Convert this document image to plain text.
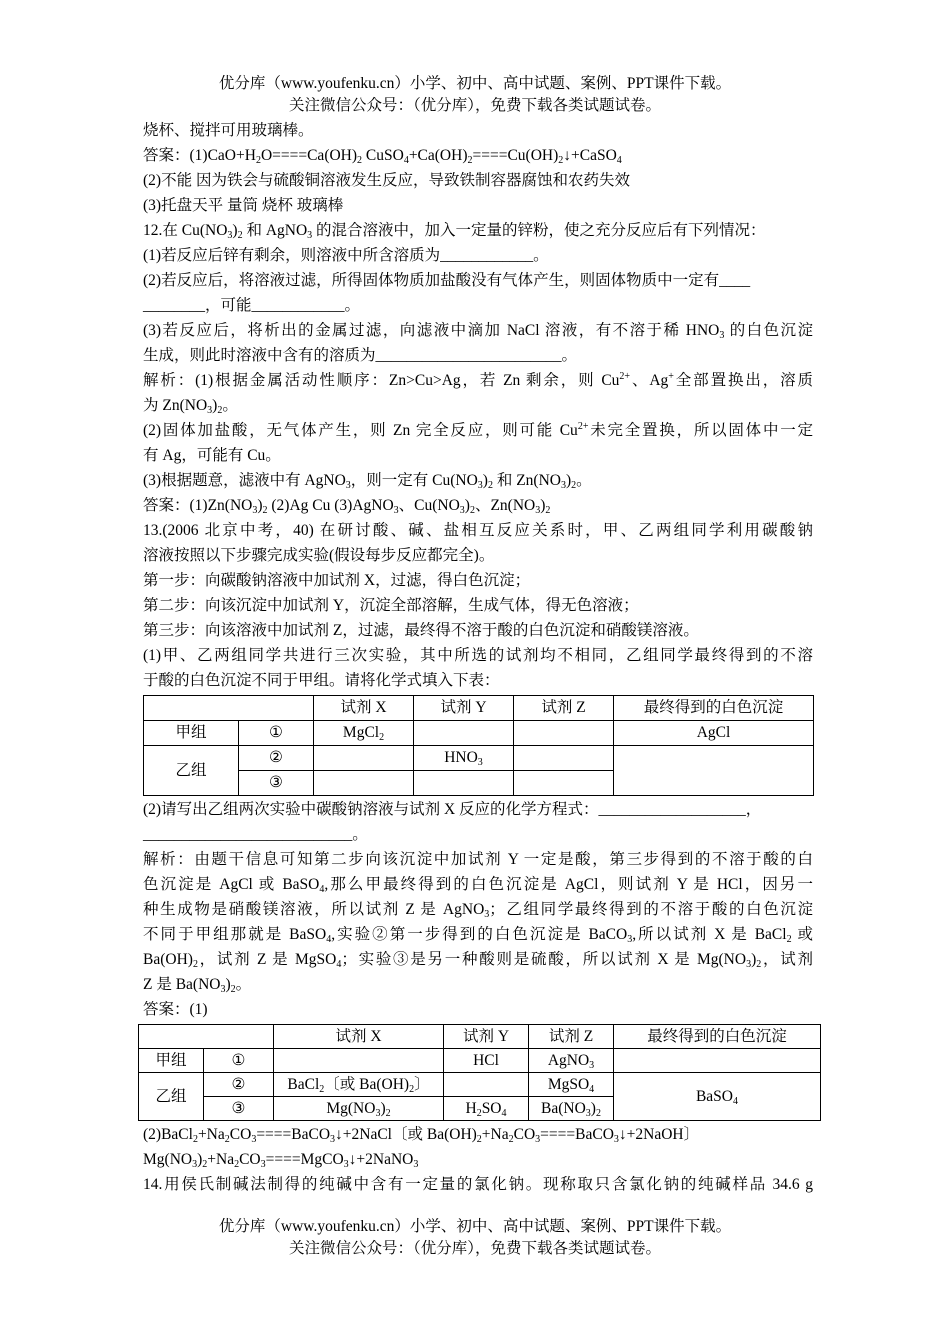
优分库（www.youfenku.cn）小学、初中、高中试题、案例、PPT课件下载。
关注微信公众号：（优分库），免费下载各类试题试卷。
烧杯、搅拌可用玻璃棒。
答案：$(1)CaO+H_2O====Ca(OH)_2$ $CuSO_4+Ca(OH)_2====Cu(OH)_2↓+CaSO_4$
(2)不能 因为铁会与硫酸铜溶液发生反应，导致铁制容器腐蚀和农药失效
(3)托盘天平 量筒 烧杯 玻璃棒
12.在 $Cu(NO_3)_2$ 和 AgNO$_3$ 的混合溶液中，加入一定量的锌粉，使之充分反应后有下列情况：
(1)若反应后锌有剩余，则溶液中所含溶质为____________。
(2)若反应后，将溶液过滤，所得固体物质加盐酸没有气体产生，则固体物质中一定有____
________，可能____________。
(3)若反应后，将析出的金属过滤，向滤液中滴加 NaCl 溶液，有不溶于稀 $HNO_3$ 的白色沉淀
生成，则此时溶液中含有的溶质为________________________。
解析：(1)根据金属活动性顺序：Zn>Cu>Ag，若 Zn 剩余，则 $Cu^{2+}$、Ag+全部置换出，溶质
为 $Zn(NO_3)_2$。
(2)固体加盐酸，无气体产生，则 Zn 完全反应，则可能 $Cu^{2+}$未完全置换，所以固体中一定
有 Ag，可能有 Cu。
(3)根据题意，滤液中有 AgNO$_3$，则一定有 $Cu(NO_3)_2$ 和 $Zn(NO_3)_2$。
答案：$(1)Zn(NO_3)_2$ (2)Ag Cu (3)AgNO$_3$、$Cu(NO_3)_2$、$Zn(NO_3)_2$
13.(2006 北京中考，40) 在研讨酸、碱、盐相互反应关系时，甲、乙两组同学利用碳酸钠
溶液按照以下步骤完成实验(假设每步反应都完全)。
第一步：向碳酸钠溶液中加试剂 X，过滤，得白色沉淀；
第二步：向该沉淀中加试剂 Y，沉淀全部溶解，生成气体，得无色溶液；
第三步：向该溶液中加试剂 Z，过滤，最终得不溶于酸的白色沉淀和硝酸镁溶液。
(1)甲、乙两组同学共进行三次实验，其中所选的试剂均不相同，乙组同学最终得到的不溶
于酸的白色沉淀不同于甲组。请将化学式填入下表：
		试剂 X	试剂 Y	试剂 Z	最终得到的白色沉淀
甲组	①	MgCl$_2$			AgCl
乙组	②		$HNO_3$		
	③				
(2)请写出乙组两次实验中碳酸钠溶液与试剂 X 反应的化学方程式：___________________，
___________________________。
解析：由题干信息可知第二步向该沉淀中加试剂 Y 一定是酸，第三步得到的不溶于酸的白
色沉淀是 AgCl 或 BaSO$_4$,那么甲最终得到的白色沉淀是 AgCl，则试剂 Y 是 HCl，因另一
种生成物是硝酸镁溶液，所以试剂 Z 是 AgNO$_3$；乙组同学最终得到的不溶于酸的白色沉淀
不同于甲组那就是 BaSO$_4$,实验②第一步得到的白色沉淀是 BaCO$_3$,所以试剂 X 是 BaCl$_2$ 或
$Ba(OH)_2$，试剂 Z 是 MgSO$_4$；实验③是另一种酸则是硫酸，所以试剂 X 是 $Mg(NO_3)_2$，试剂
Z 是 $Ba(NO_3)_2$。
答案：(1)
		试剂 X	试剂 Y	试剂 Z	最终得到的白色沉淀
甲组	①		HCl	AgNO$_3$	
乙组	②	BaCl$_2$〔或 $Ba(OH)_2$〕		MgSO$_4$	BaSO$_4$
	③	$Mg(NO_3)_2$	$H_2SO_4$	$Ba(NO_3)_2$
$(2)BaCl_2+Na_2CO_3====BaCO_3↓+2NaCl$〔或 $Ba(OH)_2+Na_2CO_3====BaCO_3↓+2NaOH$〕
$Mg(NO_3)_2+Na_2CO_3====MgCO_3↓+2NaNO_3$
14.用侯氏制碱法制得的纯碱中含有一定量的氯化钠。现称取只含氯化钠的纯碱样品 34.6 g
优分库（www.youfenku.cn）小学、初中、高中试题、案例、PPT课件下载。
关注微信公众号：（优分库），免费下载各类试题试卷。
